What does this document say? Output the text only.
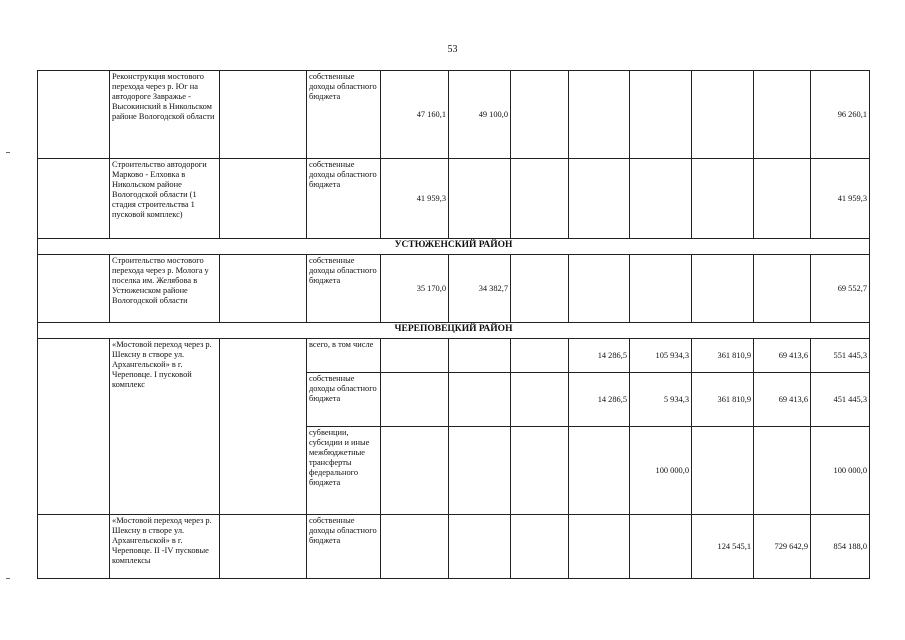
53
	Реконструкция мостового перехода через р. Юг на автодороге Завражье - Высокинский в Никольском районе Вологодской области		собственные доходы областного бюджета	47 160,1	49 100,0						96 260,1
	Строительство автодороги Марково - Елховка в Никольском районе Вологодской области (1 стадия строительства 1 пусковой комплекс)		собственные доходы областного бюджета	41 959,3							41 959,3
УСТЮЖЕНСКИЙ РАЙОН											
	Строительство мостового перехода через р. Молога у поселка им. Желябова в Устюженском районе Вологодской области		собственные доходы областного бюджета	35 170,0	34 382,7						69 552,7
ЧЕРЕПОВЕЦКИЙ РАЙОН											
	«Мостовой переход через р. Шексну в створе ул. Архангельской» в г. Череповце. I пусковой комплекс		всего, в том числе				14 286,5	105 934,3	361 810,9	69 413,6	551 445,3
			собственные доходы областного бюджета				14 286,5	5 934,3	361 810,9	69 413,6	451 445,3
			субвенции, субсидии и иные межбюджетные трансферты федерального бюджета					100 000,0			100 000,0
	«Мостовой переход через р. Шексну в створе ул. Архангельской» в г. Череповце. II -IV пусковые комплексы		собственные доходы областного бюджета						124 545,1	729 642,9	854 188,0
